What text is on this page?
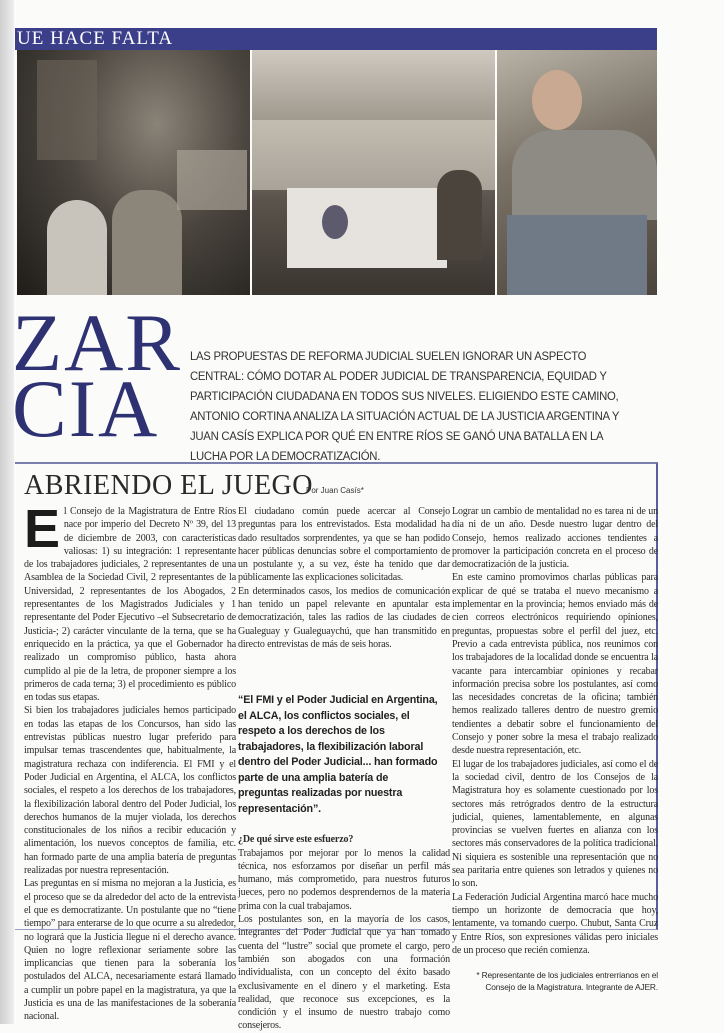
UE HACE FALTA
ZAR
CIA
LAS PROPUESTAS DE REFORMA JUDICIAL SUELEN IGNORAR UN ASPECTO CENTRAL: CÓMO DOTAR AL PODER JUDICIAL DE TRANSPARENCIA, EQUIDAD Y PARTICIPACIÓN CIUDADANA EN TODOS SUS NIVELES. ELIGIENDO ESTE CAMINO, ANTONIO CORTINA ANALIZA LA SITUACIÓN ACTUAL DE LA JUSTICIA ARGENTINA Y JUAN CASÍS EXPLICA POR QUÉ EN ENTRE RÍOS SE GANÓ UNA BATALLA EN LA LUCHA POR LA DEMOCRATIZACIÓN.
ABRIENDO EL JUEGO
Por Juan Casís*
E l Consejo de la Magistratura de Entre Ríos nace por imperio del Decreto Nº 39, del 13 de diciembre de 2003, con características valiosas: 1) su integración: 1 representante de los trabajadores judiciales, 2 representantes de una Asamblea de la Sociedad Civil, 2 representantes de la Universidad, 2 representantes de los Abogados, 2 representantes de los Magistrados Judiciales y 1 representante del Poder Ejecutivo –el Subsecretario de Justicia-; 2) carácter vinculante de la terna, que se ha enriquecido en la práctica, ya que el Gobernador ha realizado un compromiso público, hasta ahora cumplido al pie de la letra, de proponer siempre a los primeros de cada terna; 3) el procedimiento es público en todas sus etapas.

Si bien los trabajadores judiciales hemos participado en todas las etapas de los Concursos, han sido las entrevistas públicas nuestro lugar preferido para impulsar temas trascendentes que, habitualmente, la magistratura rechaza con indiferencia. El FMI y el Poder Judicial en Argentina, el ALCA, los conflictos sociales, el respeto a los derechos de los trabajadores, la flexibilización laboral dentro del Poder Judicial, los derechos humanos de la mujer violada, los derechos constitucionales de los niños a recibir educación y alimentación, los nuevos conceptos de familia, etc. han formado parte de una amplia batería de preguntas realizadas por nuestra representación.

Las preguntas en sí misma no mejoran a la Justicia, es el proceso que se da alrededor del acto de la entrevista el que es democratizante. Un postulante que no “tiene tiempo” para enterarse de lo que ocurre a su alrededor, no logrará que la Justicia llegue ni el derecho avance. Quien no logre reflexionar seriamente sobre las implicancias que tienen para la soberanía los postulados del ALCA, necesariamente estará llamado a cumplir un pobre papel en la magistratura, ya que la Justicia es una de las manifestaciones de la soberanía nacional.

El ciudadano común puede acercar al Consejo preguntas para los entrevistados. Esta modalidad ha dado resultados sorprendentes, ya que se han podido hacer públicas denuncias sobre el comportamiento de un postulante y, a su vez, éste ha tenido que dar públicamente las explicaciones solicitadas.

En determinados casos, los medios de comunicación han tenido un papel relevante en apuntalar esta democratización, tales las radios de las ciudades de Gualeguay y Gualeguaychú, que han transmitido en directo entrevistas de más de seis horas.

“El FMI y el Poder Judicial en Argentina, el ALCA, los conflictos sociales, el respeto a los derechos de los trabajadores, la flexibilización laboral dentro del Poder Judicial... han formado parte de una amplia batería de preguntas realizadas por nuestra representación”.

¿De qué sirve este esfuerzo?

Trabajamos por mejorar por lo menos la calidad técnica, nos esforzamos por diseñar un perfil más humano, más comprometido, para nuestros futuros jueces, pero no podemos desprendernos de la materia prima con la cual trabajamos.

Los postulantes son, en la mayoría de los casos, integrantes del Poder Judicial que ya han tomado cuenta del “lustre” social que promete el cargo, pero también son abogados con una formación individualista, con un concepto del éxito basado exclusivamente en el dinero y el marketing. Esta realidad, que reconoce sus excepciones, es la condición y el insumo de nuestro trabajo como consejeros.

Lograr un cambio de mentalidad no es tarea ni de un día ni de un año. Desde nuestro lugar dentro del Consejo, hemos realizado acciones tendientes a promover la participación concreta en el proceso de democratización de la justicia.

En este camino promovimos charlas públicas para explicar de qué se trataba el nuevo mecanismo a implementar en la provincia; hemos enviado más de cien correos electrónicos requiriendo opiniones, preguntas, propuestas sobre el perfil del juez, etc. Previo a cada entrevista pública, nos reunimos con los trabajadores de la localidad donde se encuentra la vacante para intercambiar opiniones y recabar información precisa sobre los postulantes, así como las necesidades concretas de la oficina; también hemos realizado talleres dentro de nuestro gremio tendientes a debatir sobre el funcionamiento del Consejo y poner sobre la mesa el trabajo realizado desde nuestra representación, etc.

El lugar de los trabajadores judiciales, así como el de la sociedad civil, dentro de los Consejos de la Magistratura hoy es solamente cuestionado por los sectores más retrógrados dentro de la estructura judicial, quienes, lamentablemente, en algunas provincias se vuelven fuertes en alianza con los sectores más conservadores de la política tradicional. Ni siquiera es sostenible una representación que no sea paritaria entre quienes son letrados y quienes no lo son.

La Federación Judicial Argentina marcó hace mucho tiempo un horizonte de democracia que hoy, lentamente, va tomando cuerpo. Chubut, Santa Cruz y Entre Ríos, son expresiones válidas pero iniciales de un proceso que recién comienza.

* Representante de los judiciales entrerrianos en el Consejo de la Magistratura. Integrante de AJER.
